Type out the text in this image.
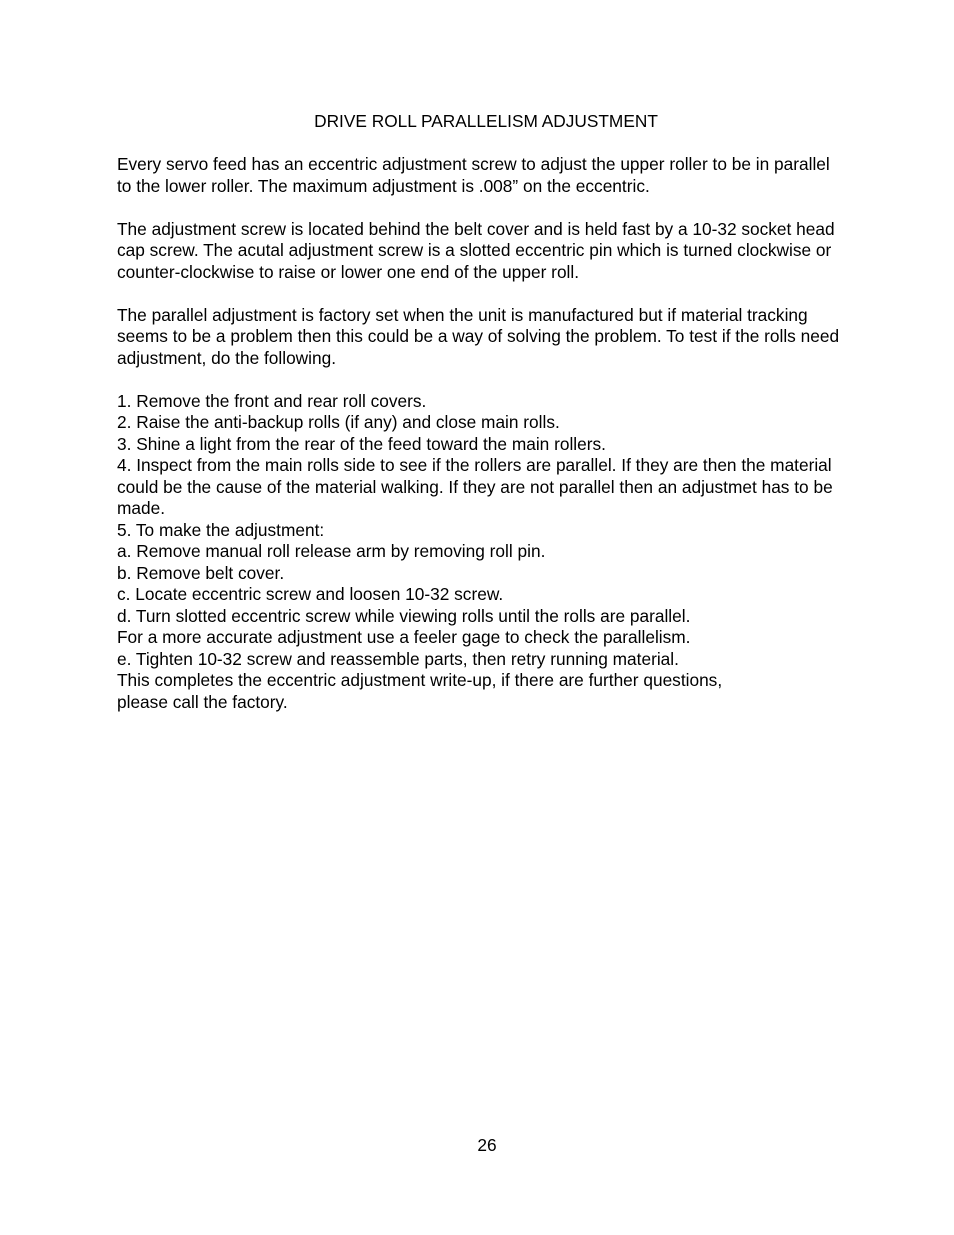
DRIVE ROLL PARALLELISM ADJUSTMENT

Every servo feed has an eccentric adjustment screw to adjust the upper roller to be in parallel to the lower roller. The maximum adjustment is .008” on the eccentric.

The adjustment screw is located behind the belt cover and is held fast by a 10-32 socket head cap screw. The acutal adjustment screw is a slotted eccentric pin which is turned clockwise or counter-clockwise to raise or lower one end of the upper roll.

The parallel adjustment is factory set when the unit is manufactured but if material tracking seems to be a problem then this could be a way of solving the problem. To test if the rolls need adjustment, do the following.

1. Remove the front and rear roll covers.
2. Raise the anti-backup rolls (if any) and close main rolls.
3. Shine a light from the rear of the feed toward the main rollers.
4. Inspect from the main rolls side to see if the rollers are parallel. If they are then the material could be the cause of the material walking. If they are not parallel then an adjustmet has to be made.
5. To make the adjustment:
a. Remove manual roll release arm by removing roll pin.
b. Remove belt cover.
c. Locate eccentric screw and loosen 10-32 screw.
d. Turn slotted eccentric screw while viewing rolls until the rolls are parallel.
For a more accurate adjustment use a feeler gage to check the parallelism.
e. Tighten 10-32 screw and reassemble parts, then retry running material.
This completes the eccentric adjustment write-up, if there are further questions,
please call the factory.
26
